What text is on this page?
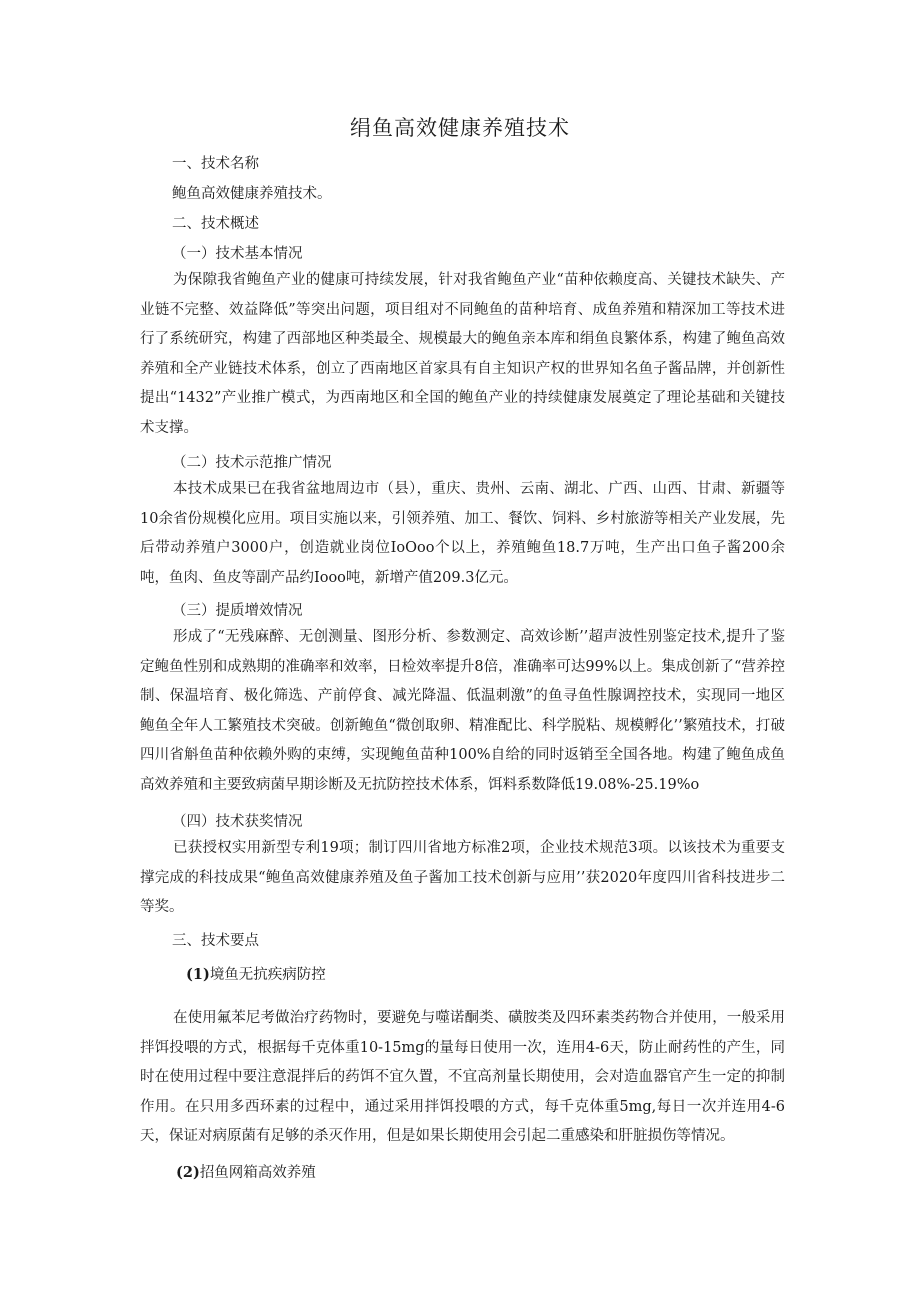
绢鱼高效健康养殖技术
一、技术名称
鲍鱼高效健康养殖技术。
二、技术概述
（一）技术基本情况

为保隙我省鲍鱼产业的健康可持续发展，针对我省鲍鱼产业“苗种依赖度高、关键技术缺失、产业链不完整、效益降低”等突出问题，项目组对不同鲍鱼的苗种培育、成鱼养殖和精深加工等技术进行了系统研究，构建了西部地区种类最全、规模最大的鲍鱼亲本库和绢鱼良繁体系，构建了鲍鱼高效养殖和全产业链技术体系，创立了西南地区首家具有自主知识产权的世界知名鱼子酱品牌，并创新性提出“1432”产业推广模式，为西南地区和全国的鲍鱼产业的持续健康发展奠定了理论基础和关键技术支撑。

（二）技术示范推广情况

本技术成果已在我省盆地周边市（县），重庆、贵州、云南、湖北、广西、山西、甘肃、新疆等10余省份规模化应用。项目实施以来，引领养殖、加工、餐饮、饲料、乡村旅游等相关产业发展，先后带动养殖户3000户，创造就业岗位IoOoo个以上，养殖鲍鱼18.7万吨，生产出口鱼子酱200余吨，鱼肉、鱼皮等副产品约Iooo吨，新增产值209.3亿元。

（三）提质增效情况

形成了“无残麻醉、无创测量、图形分析、参数测定、高效诊断’’超声波性别鉴定技术,提升了鉴定鲍鱼性别和成熟期的准确率和效率，日检效率提升8倍，准确率可达99%以上。集成创新了“营养控制、保温培育、极化筛选、产前停食、减光降温、低温刺激”的鱼寻鱼性腺调控技术，实现同一地区鲍鱼全年人工繁殖技术突破。创新鲍鱼“微创取卵、精准配比、科学脱粘、规模孵化’’繁殖技术，打破四川省斛鱼苗种依赖外购的束缚，实现鲍鱼苗种100%自给的同时返销至全国各地。构建了鲍鱼成鱼高效养殖和主要致病菌早期诊断及无抗防控技术体系，饵料系数降低19.08%-25.19%o

（四）技术获奖情况

已获授权实用新型专利19项；制订四川省地方标准2项，企业技术规范3项。以该技术为重要支撑完成的科技成果“鲍鱼高效健康养殖及鱼子酱加工技术创新与应用’’获2020年度四川省科技进步二等奖。

三、技术要点
(1)境鱼无抗疾病防控

在使用氟苯尼考做治疗药物时，要避免与噬诺酮类、磺胺类及四环素类药物合并使用，一般采用拌饵投喂的方式，根据每千克体重10-15mg的量每日使用一次，连用4-6天，防止耐药性的产生，同时在使用过程中要注意混拌后的药饵不宜久置，不宜高剂量长期使用，会对造血器官产生一定的抑制作用。在只用多西环素的过程中，通过采用拌饵投喂的方式，每千克体重5mg,每日一次并连用4-6天，保证对病原菌有足够的杀灭作用，但是如果长期使用会引起二重感染和肝脏损伤等情况。

(2)招鱼网箱高效养殖
